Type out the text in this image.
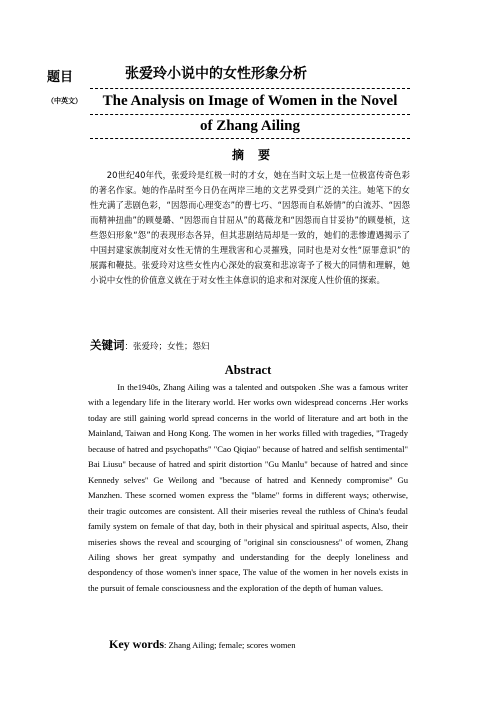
题目
（中英文）
张爱玲小说中的女性形象分析
The Analysis on Image of Women in the Novel
of Zhang Ailing
摘要
20世纪40年代，张爱玲是红极一时的才女，她在当时文坛上是一位极富传奇色彩的著名作家。她的作品时至今日仍在两岸三地的文艺界受到广泛的关注。她笔下的女性充满了悲剧色彩，“因怨而心理变态”的曹七巧、“因怨而自私娇情”的白流苏、“因怨而精神扭曲”的顾曼璐、“因怨而自甘屈从”的葛薇龙和“因怨而自甘妥协”的顾曼桢，这些怨妇形象“怨”的表现形态各异，但其悲剧结局却是一致的，她们的悲惨遭遇揭示了中国封建家族制度对女性无情的生理戕害和心灵摧残，同时也是对女性“原罪意识”的展露和鞭挞。张爱玲对这些女性内心深处的寂寞和悲凉寄予了极大的同情和理解，她小说中女性的价值意义就在于对女性主体意识的追求和对深度人性价值的探索。
关键词：张爱玲；女性；怨妇
Abstract
In the1940s, Zhang Ailing was a talented and outspoken .She was a famous writer with a legendary life in the literary world. Her works own widespread concerns .Her works today are still gaining world spread concerns in the world of literature and art both in the Mainland, Taiwan and Hong Kong. The women in her works filled with tragedies, "Tragedy because of hatred and psychopaths" "Cao Qiqiao" because of hatred and selfish sentimental" Bai Liusu" because of hatred and spirit distortion "Gu Manlu" because of hatred and since Kennedy selves" Ge Weilong and "because of hatred and Kennedy compromise" Gu Manzhen. These scorned women express the "blame" forms in different ways; otherwise, their tragic outcomes are consistent. All their miseries reveal the ruthless of China's feudal family system on female of that day, both in their physical and spiritual aspects, Also, their miseries shows the reveal and scourging of "original sin consciousness" of women, Zhang Ailing shows her great sympathy and understanding for the deeply loneliness and despondency of those women's inner space, The value of the women in her novels exists in the pursuit of female consciousness and the exploration of the depth of human values.
Key words: Zhang Ailing; female; scores women
